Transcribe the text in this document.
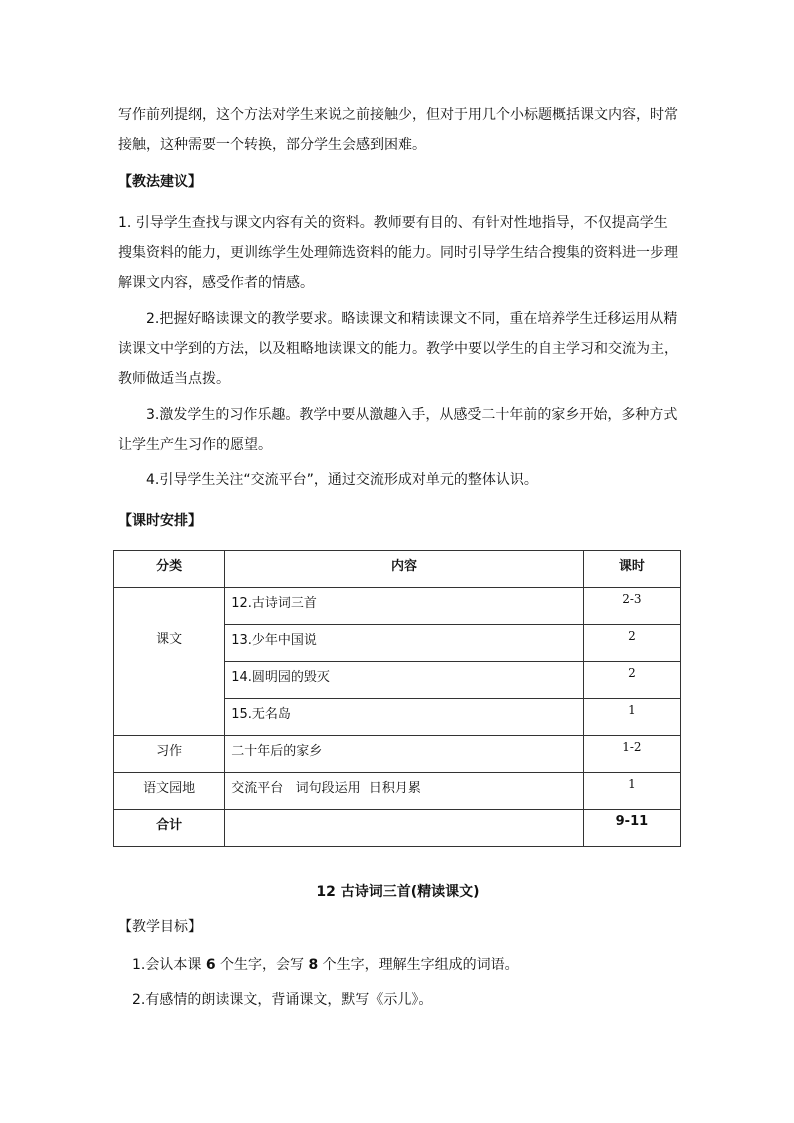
写作前列提纲，这个方法对学生来说之前接触少，但对于用几个小标题概括课文内容，时常接触，这种需要一个转换，部分学生会感到困难。

【教法建议】

1. 引导学生查找与课文内容有关的资料。教师要有目的、有针对性地指导，不仅提高学生搜集资料的能力，更训练学生处理筛选资料的能力。同时引导学生结合搜集的资料进一步理解课文内容，感受作者的情感。

2.把握好略读课文的教学要求。略读课文和精读课文不同，重在培养学生迁移运用从精读课文中学到的方法，以及粗略地读课文的能力。教学中要以学生的自主学习和交流为主，教师做适当点拨。

3.激发学生的习作乐趣。教学中要从激趣入手，从感受二十年前的家乡开始，多种方式让学生产生习作的愿望。

4.引导学生关注“交流平台”，通过交流形成对单元的整体认识。

【课时安排】

分类	内容	课时
课文	12.古诗词三首	2-3
	13.少年中国说	2
	14.圆明园的毁灭	2
	15.无名岛	1
习作	二十年后的家乡	1-2
语文园地	交流平台   词句段运用  日积月累	1
合计		9-11
12 古诗词三首(精读课文)

【教学目标】

1.会认本课 6 个生字，会写 8 个生字，理解生字组成的词语。

2.有感情的朗读课文，背诵课文，默写《示儿》。
